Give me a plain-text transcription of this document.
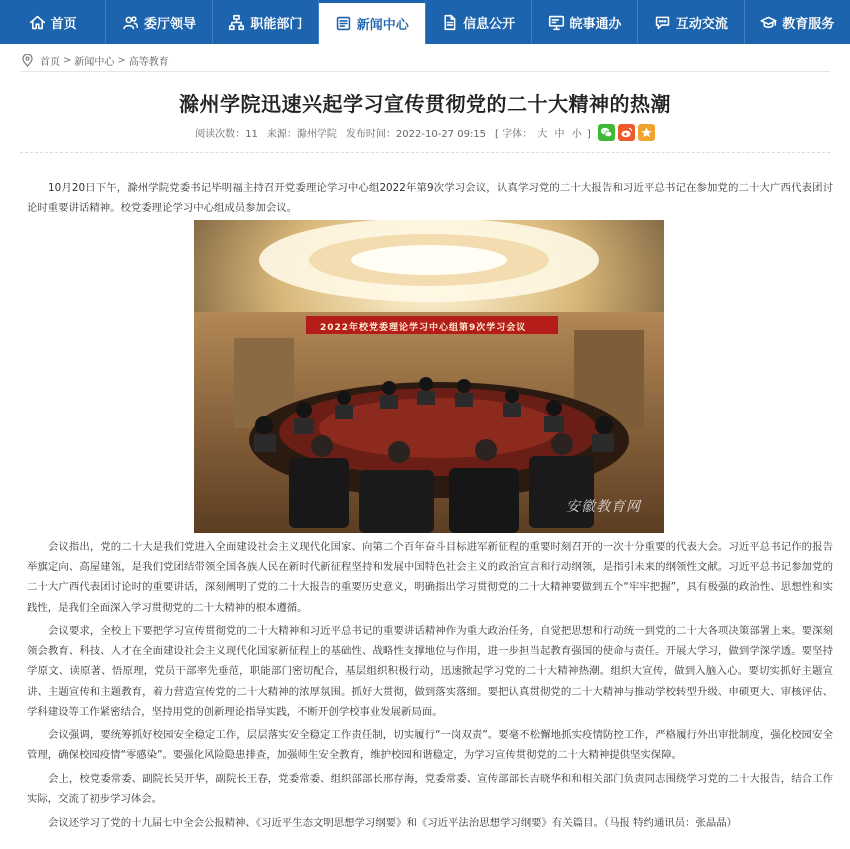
首页	委厅领导	职能部门	新闻中心	信息公开	皖事通办	互动交流	教育服务
首页 > 新闻中心 > 高等教育
滁州学院迅速兴起学习宣传贯彻党的二十大精神的热潮
阅读次数：11 来源：滁州学院 发布时间：2022-10-27 09:15 [ 字体： 大 中 小 ]

10月20日下午，滁州学院党委书记毕明福主持召开党委理论学习中心组2022年第9次学习会议，认真学习党的二十大报告和习近平总书记在参加党的二十大广西代表团讨论时重要讲话精神。校党委理论学习中心组成员参加会议。

2022年校党委理论学习中心组第9次学习会议
安徽教育网

会议指出，党的二十大是我们党进入全面建设社会主义现代化国家、向第二个百年奋斗目标进军新征程的重要时刻召开的一次十分重要的代表大会。习近平总书记作的报告举旗定向、高屋建瓴，是我们党团结带领全国各族人民在新时代新征程坚持和发展中国特色社会主义的政治宣言和行动纲领，是指引未来的纲领性文献。习近平总书记参加党的二十大广西代表团讨论时的重要讲话，深刻阐明了党的二十大报告的重要历史意义，明确指出学习贯彻党的二十大精神要做到五个“牢牢把握”，具有极强的政治性、思想性和实践性，是我们全面深入学习贯彻党的二十大精神的根本遵循。

会议要求，全校上下要把学习宣传贯彻党的二十大精神和习近平总书记的重要讲话精神作为重大政治任务，自觉把思想和行动统一到党的二十大各项决策部署上来。要深刻领会教育、科技、人才在全面建设社会主义现代化国家新征程上的基础性、战略性支撑地位与作用，进一步担当起教育强国的使命与责任。开展大学习，做到学深学透。要坚持学原文、读原著、悟原理，党员干部率先垂范，职能部门密切配合，基层组织积极行动，迅速掀起学习党的二十大精神热潮。组织大宣传，做到入脑入心。要切实抓好主题宣讲、主题宣传和主题教育，着力营造宣传党的二十大精神的浓厚氛围。抓好大贯彻，做到落实落细。要把认真贯彻党的二十大精神与推动学校转型升级、申硕更大、审核评估、学科建设等工作紧密结合，坚持用党的创新理论指导实践，不断开创学校事业发展新局面。

会议强调，要统筹抓好校园安全稳定工作，层层落实安全稳定工作责任制，切实履行“一岗双责”。要毫不松懈地抓实疫情防控工作，严格履行外出审批制度，强化校园安全管理，确保校园疫情“零感染”。要强化风险隐患排查，加强师生安全教育，维护校园和谐稳定，为学习宣传贯彻党的二十大精神提供坚实保障。

会上，校党委常委、副院长吴开华，副院长王春，党委常委、组织部部长邢存海，党委常委、宣传部部长吉晓华和和相关部门负责同志围绕学习党的二十大报告，结合工作实际，交流了初步学习体会。

会议还学习了党的十九届七中全会公报精神、《习近平生态文明思想学习纲要》和《习近平法治思想学习纲要》有关篇目。（马报 特约通讯员：张晶晶）
